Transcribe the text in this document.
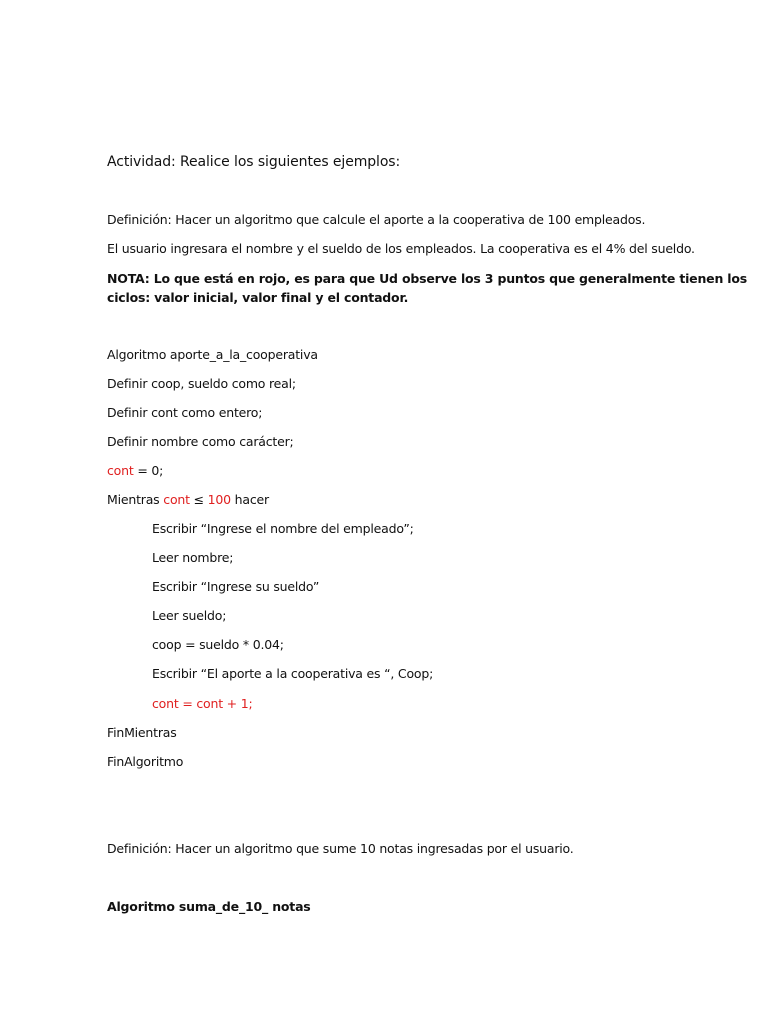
Actividad: Realice los siguientes ejemplos:
Definición: Hacer un algoritmo que calcule el aporte a la cooperativa de 100 empleados.
El usuario ingresara el nombre y el sueldo de los empleados. La cooperativa es el 4% del sueldo.
NOTA: Lo que está en rojo, es para que Ud observe los 3 puntos que generalmente tienen los
ciclos: valor inicial, valor final y el contador.
Algoritmo aporte_a_la_cooperativa
Definir coop, sueldo como real;
Definir cont como entero;
Definir nombre como carácter;
cont = 0;
Mientras cont ≤ 100 hacer
Escribir “Ingrese el nombre del empleado”;
Leer nombre;
Escribir “Ingrese su sueldo”
Leer sueldo;
coop = sueldo * 0.04;
Escribir “El aporte a la cooperativa es “, Coop;
cont = cont + 1;
FinMientras
FinAlgoritmo
Definición: Hacer un algoritmo que sume 10 notas ingresadas por el usuario.
Algoritmo suma_de_10_ notas
